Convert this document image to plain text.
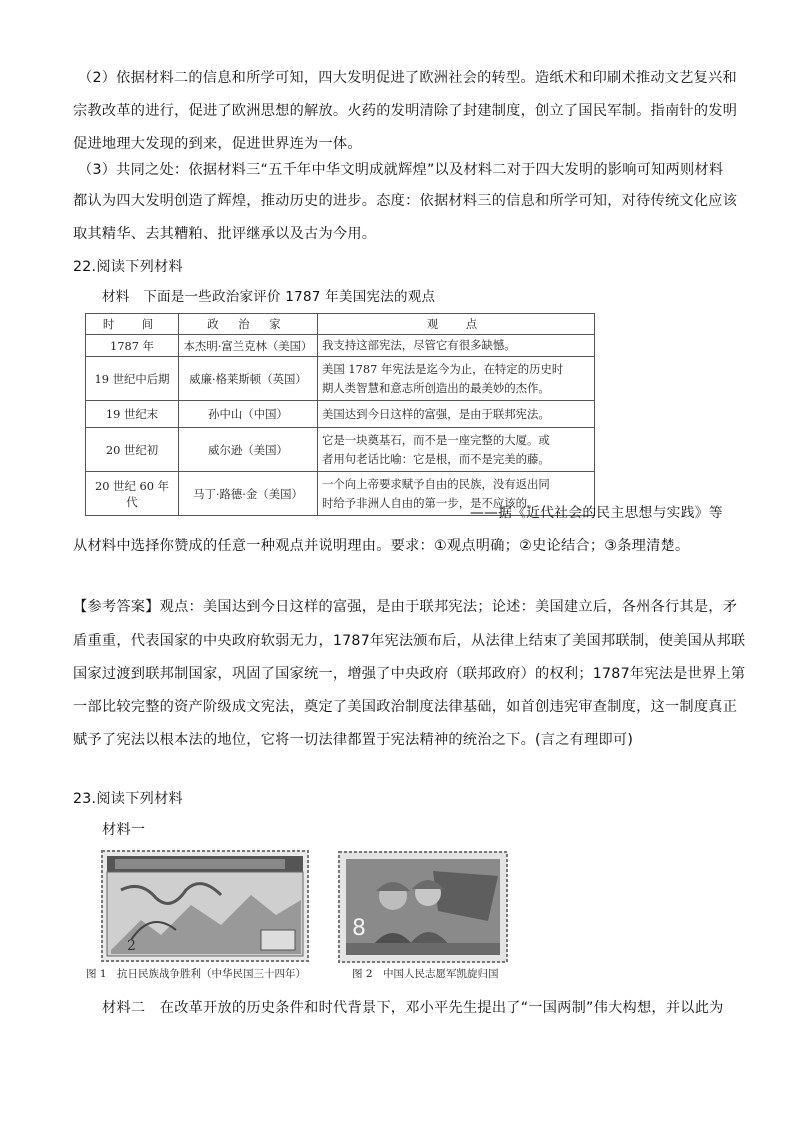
（2）依据材料二的信息和所学可知，四大发明促进了欧洲社会的转型。造纸术和印刷术推动文艺复兴和
宗教改革的进行，促进了欧洲思想的解放。火药的发明清除了封建制度，创立了国民军制。指南针的发明
促进地理大发现的到来，促进世界连为一体。
（3）共同之处：依据材料三“五千年中华文明成就辉煌”以及材料二对于四大发明的影响可知两则材料
都认为四大发明创造了辉煌，推动历史的进步。态度：依据材料三的信息和所学可知，对待传统文化应该
取其精华、去其糟粕、批评继承以及古为今用。
22.阅读下列材料
材料　下面是一些政治家评价 1787 年美国宪法的观点
时　间	政 治 家	观　点
1787 年	本杰明·富兰克林（美国）	我支持这部宪法，尽管它有很多缺憾。
19 世纪中后期	威廉·格莱斯顿（英国）	美国 1787 年宪法是迄今为止，在特定的历史时
期人类智慧和意志所创造出的最美妙的杰作。
19 世纪末	孙中山（中国）	美国达到今日这样的富强，是由于联邦宪法。
20 世纪初	威尔逊（美国）	它是一块奠基石，而不是一座完整的大厦。或
者用句老话比喻：它是根，而不是完美的藤。
20 世纪 60 年代	马丁·路德·金（美国）	一个向上帝要求赋予自由的民族，没有返出同
时给予非洲人自由的第一步，是不应该的。
——据《近代社会的民主思想与实践》等
从材料中选择你赞成的任意一种观点并说明理由。要求：①观点明确；②史论结合；③条理清楚。
【参考答案】观点：美国达到今日这样的富强，是由于联邦宪法；论述：美国建立后，各州各行其是，矛
盾重重，代表国家的中央政府软弱无力，1787年宪法颁布后，从法律上结束了美国邦联制，使美国从邦联
国家过渡到联邦制国家，巩固了国家统一，增强了中央政府（联邦政府）的权利；1787年宪法是世界上第
一部比较完整的资产阶级成文宪法，奠定了美国政治制度法律基础，如首创违宪审查制度，这一制度真正
赋予了宪法以根本法的地位，它将一切法律都置于宪法精神的统治之下。(言之有理即可)
23.阅读下列材料
材料一
2
图 1　抗日民族战争胜利（中华民国三十四年）
8
图 2　中国人民志愿军凯旋归国
材料二　在改革开放的历史条件和时代背景下，邓小平先生提出了“一国两制”伟大构想，并以此为
